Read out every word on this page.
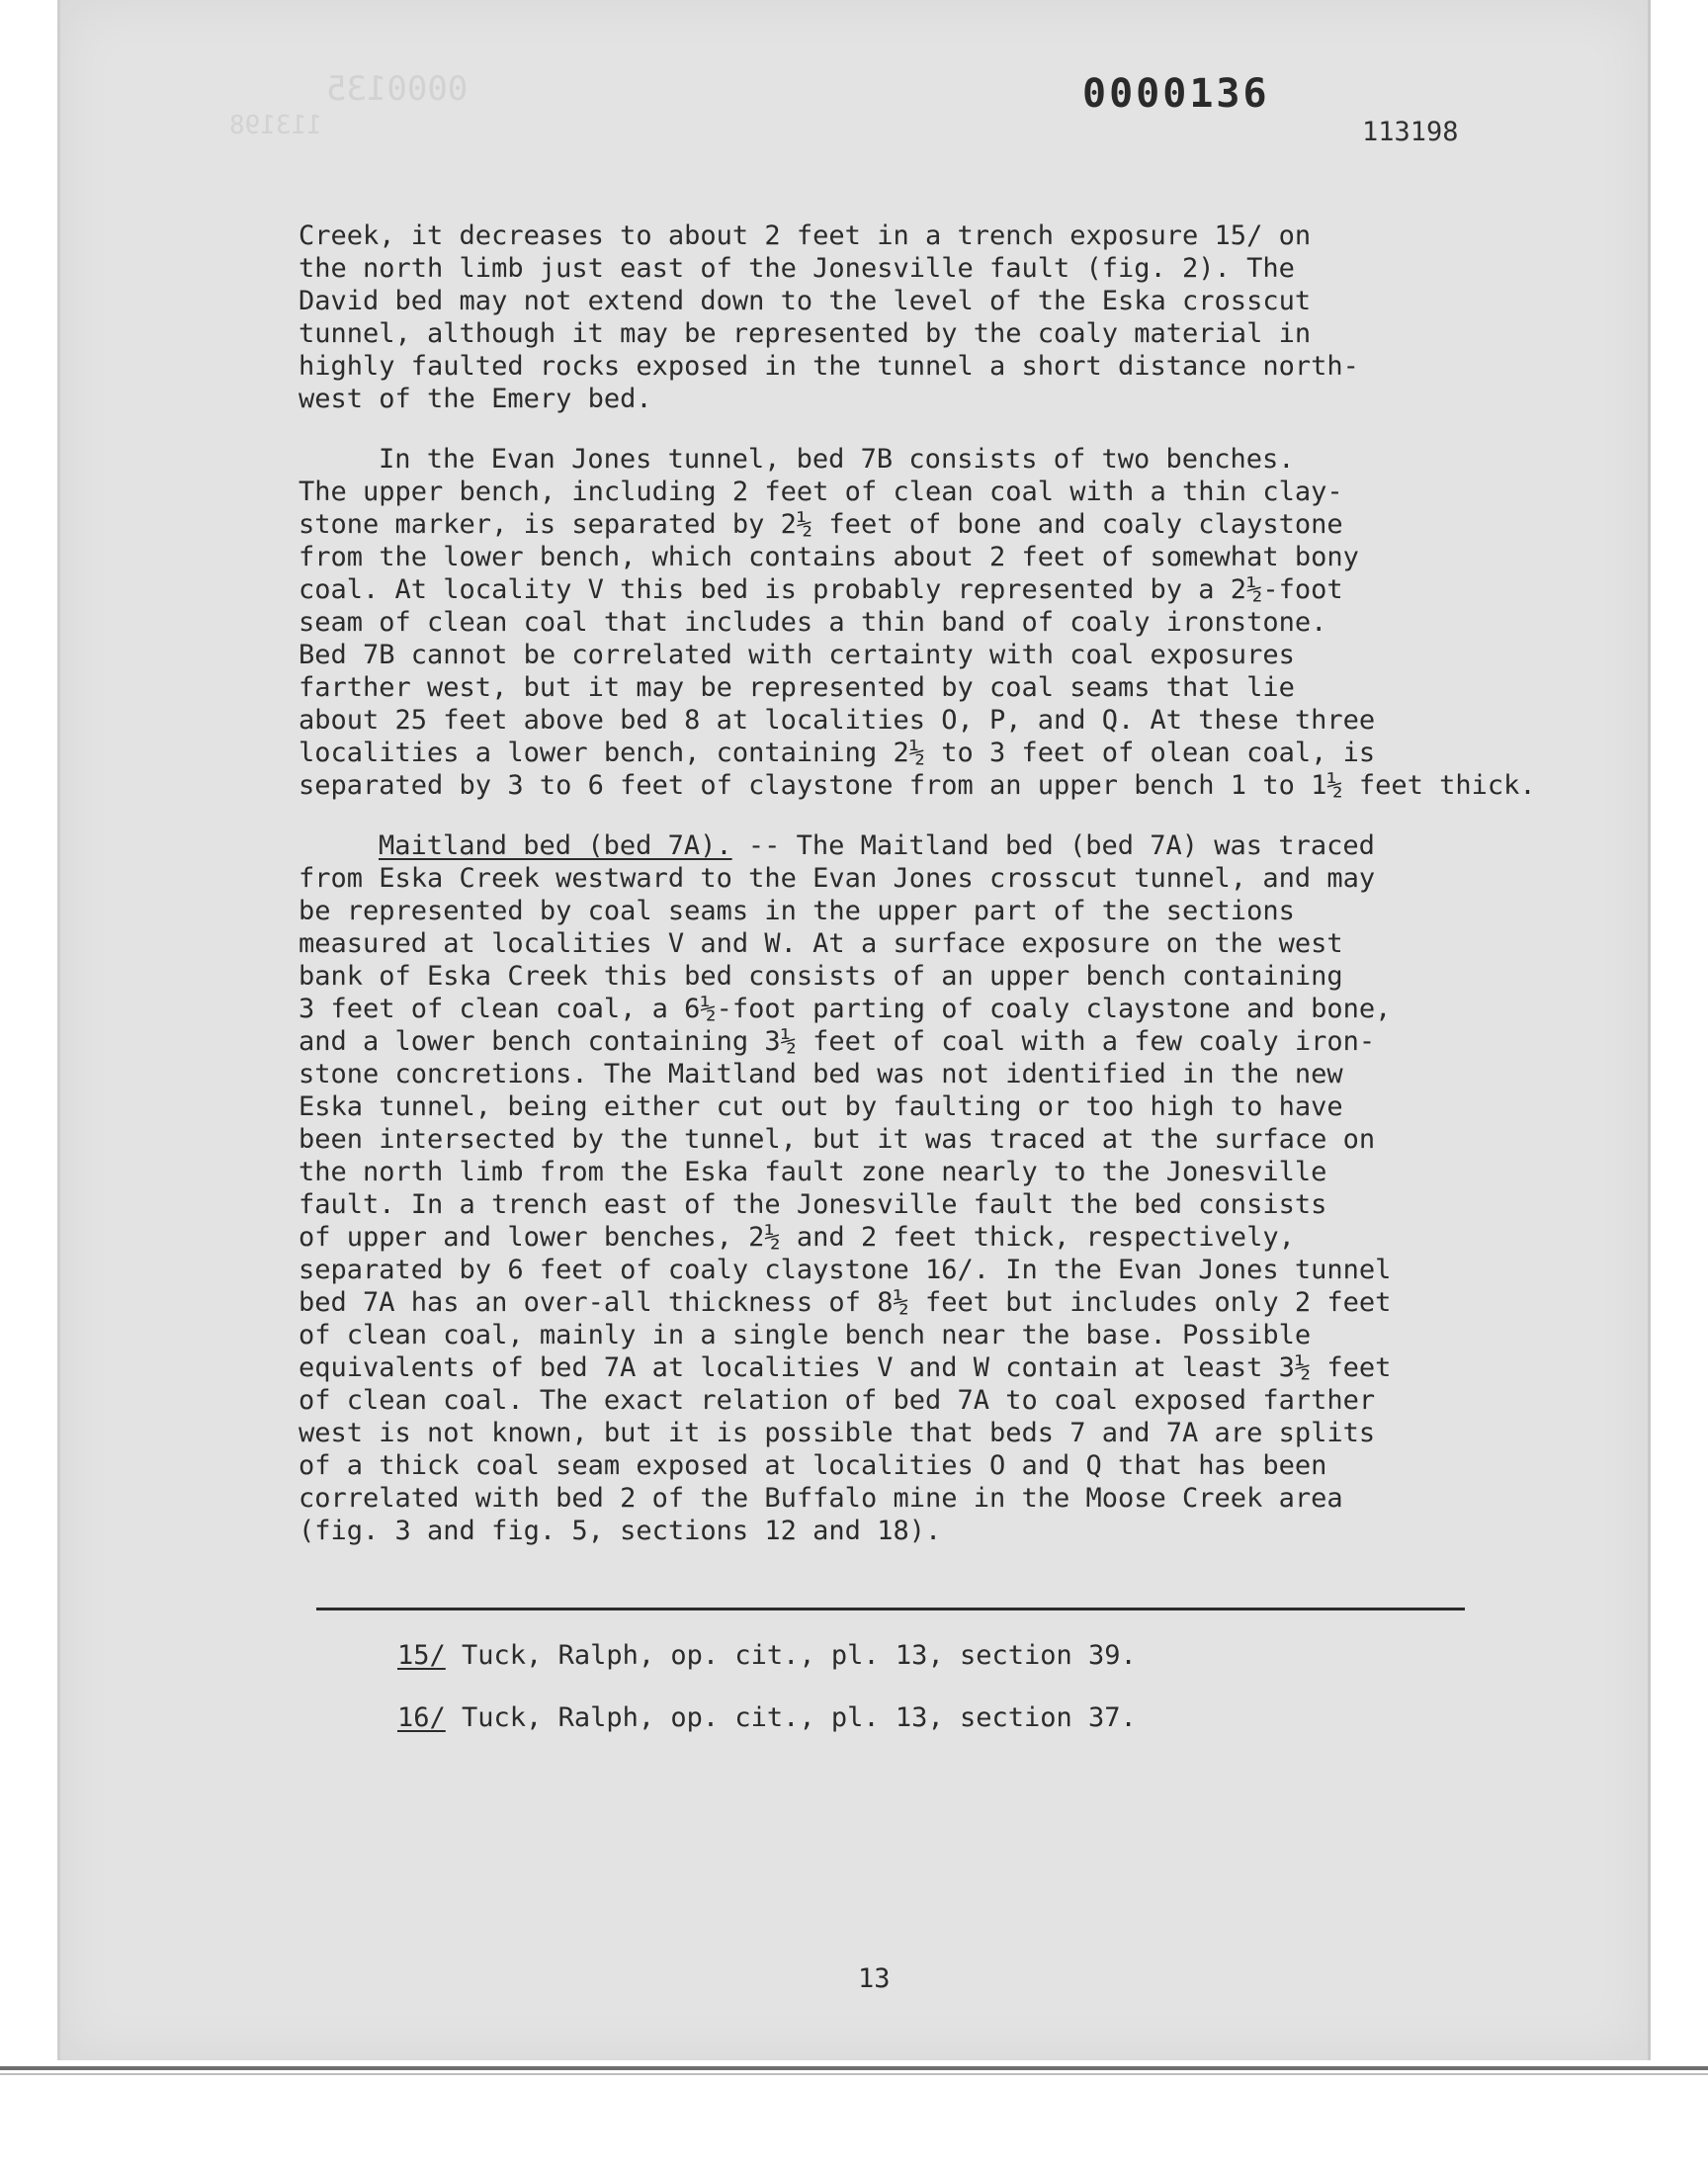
0000135
113198
0000136
113198

Creek, it decreases to about 2 feet in a trench exposure 15/ on

the north limb just east of the Jonesville fault (fig. 2). The

David bed may not extend down to the level of the Eska crosscut

tunnel, although it may be represented by the coaly material in

highly faulted rocks exposed in the tunnel a short distance north-

west of the Emery bed.

In the Evan Jones tunnel, bed 7B consists of two benches.

The upper bench, including 2 feet of clean coal with a thin clay-

stone marker, is separated by 2½ feet of bone and coaly claystone

from the lower bench, which contains about 2 feet of somewhat bony

coal. At locality V this bed is probably represented by a 2½-foot

seam of clean coal that includes a thin band of coaly ironstone.

Bed 7B cannot be correlated with certainty with coal exposures

farther west, but it may be represented by coal seams that lie

about 25 feet above bed 8 at localities O, P, and Q. At these three

localities a lower bench, containing 2½ to 3 feet of olean coal, is

separated by 3 to 6 feet of claystone from an upper bench 1 to 1½ feet thick.

Maitland bed (bed 7A). -- The Maitland bed (bed 7A) was traced

from Eska Creek westward to the Evan Jones crosscut tunnel, and may

be represented by coal seams in the upper part of the sections

measured at localities V and W. At a surface exposure on the west

bank of Eska Creek this bed consists of an upper bench containing

3 feet of clean coal, a 6½-foot parting of coaly claystone and bone,

and a lower bench containing 3½ feet of coal with a few coaly iron-

stone concretions. The Maitland bed was not identified in the new

Eska tunnel, being either cut out by faulting or too high to have

been intersected by the tunnel, but it was traced at the surface on

the north limb from the Eska fault zone nearly to the Jonesville

fault. In a trench east of the Jonesville fault the bed consists

of upper and lower benches, 2½ and 2 feet thick, respectively,

separated by 6 feet of coaly claystone 16/. In the Evan Jones tunnel

bed 7A has an over-all thickness of 8½ feet but includes only 2 feet

of clean coal, mainly in a single bench near the base. Possible

equivalents of bed 7A at localities V and W contain at least 3½ feet

of clean coal. The exact relation of bed 7A to coal exposed farther

west is not known, but it is possible that beds 7 and 7A are splits

of a thick coal seam exposed at localities O and Q that has been

correlated with bed 2 of the Buffalo mine in the Moose Creek area

(fig. 3 and fig. 5, sections 12 and 18).

15/ Tuck, Ralph, op. cit., pl. 13, section 39.

16/ Tuck, Ralph, op. cit., pl. 13, section 37.

13
